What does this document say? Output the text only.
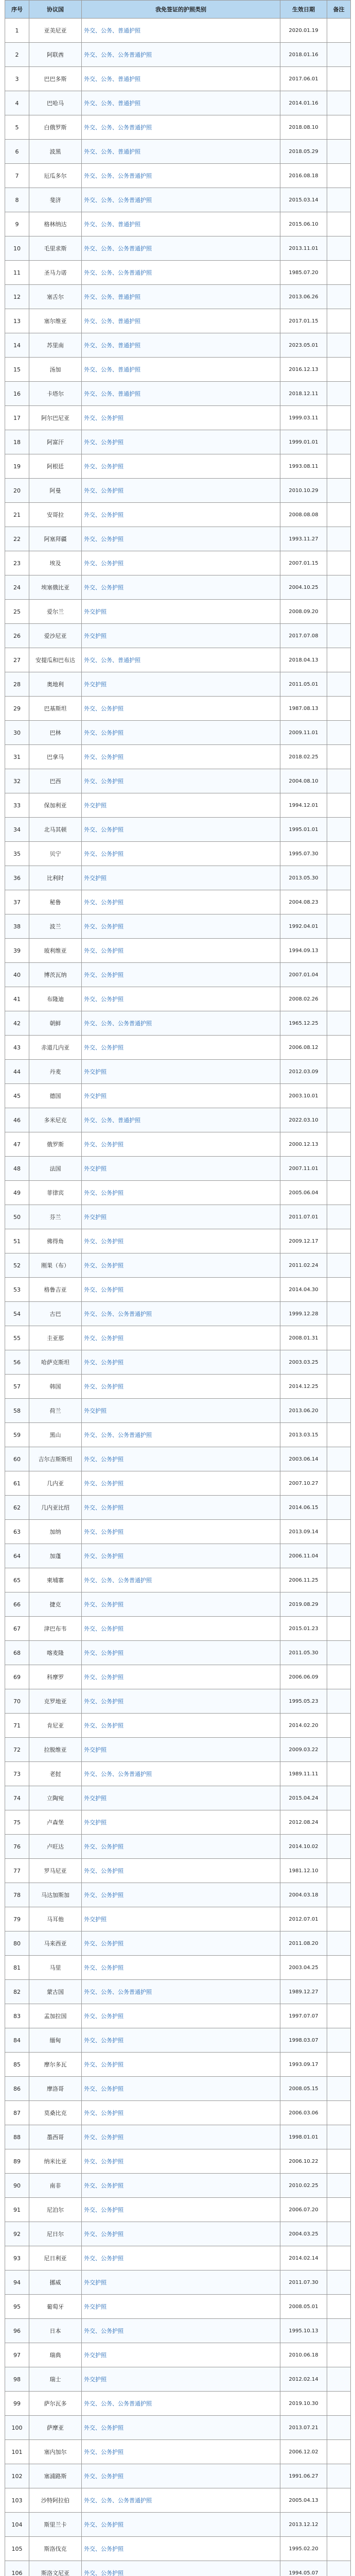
序号	协议国	我免签证的护照类别	生效日期	备注
1	亚美尼亚	外交、公务、普通护照	2020.01.19	
2	阿联酋	外交、公务、公务普通护照	2018.01.16	
3	巴巴多斯	外交、公务、普通护照	2017.06.01	
4	巴哈马	外交、公务、普通护照	2014.01.16	
5	白俄罗斯	外交、公务、公务普通护照	2018.08.10	
6	波黑	外交、公务、普通护照	2018.05.29	
7	厄瓜多尔	外交、公务、公务普通护照	2016.08.18	
8	斐济	外交、公务、公务普通护照	2015.03.14	
9	格林纳达	外交、公务、普通护照	2015.06.10	
10	毛里求斯	外交、公务、公务普通护照	2013.11.01	
11	圣马力诺	外交、公务、公务普通护照	1985.07.20	
12	塞舌尔	外交、公务、普通护照	2013.06.26	
13	塞尔维亚	外交、公务、普通护照	2017.01.15	
14	苏里南	外交、公务、普通护照	2023.05.01	
15	汤加	外交、公务、普通护照	2016.12.13	
16	卡塔尔	外交、公务、普通护照	2018.12.11	
17	阿尔巴尼亚	外交、公务护照	1999.03.11	
18	阿富汗	外交、公务护照	1999.01.01	
19	阿根廷	外交、公务护照	1993.08.11	
20	阿曼	外交、公务护照	2010.10.29	
21	安哥拉	外交、公务护照	2008.08.08	
22	阿塞拜疆	外交、公务护照	1993.11.27	
23	埃及	外交、公务护照	2007.01.15	
24	埃塞俄比亚	外交、公务护照	2004.10.25	
25	爱尔兰	外交护照	2008.09.20	
26	爱沙尼亚	外交护照	2017.07.08	
27	安提瓜和巴布达	外交、公务、普通护照	2018.04.13	
28	奥地利	外交护照	2011.05.01	
29	巴基斯坦	外交、公务护照	1987.08.13	
30	巴林	外交、公务护照	2009.11.01	
31	巴拿马	外交、公务护照	2018.02.25	
32	巴西	外交、公务护照	2004.08.10	
33	保加利亚	外交护照	1994.12.01	
34	北马其顿	外交、公务护照	1995.01.01	
35	贝宁	外交、公务护照	1995.07.30	
36	比利时	外交护照	2013.05.30	
37	秘鲁	外交、公务护照	2004.08.23	
38	波兰	外交、公务护照	1992.04.01	
39	玻利维亚	外交、公务护照	1994.09.13	
40	博茨瓦纳	外交、公务护照	2007.01.04	
41	布隆迪	外交、公务护照	2008.02.26	
42	朝鲜	外交、公务、公务普通护照	1965.12.25	
43	赤道几内亚	外交、公务护照	2006.08.12	
44	丹麦	外交护照	2012.03.09	
45	德国	外交护照	2003.10.01	
46	多米尼克	外交、公务、普通护照	2022.03.10	
47	俄罗斯	外交、公务护照	2000.12.13	
48	法国	外交护照	2007.11.01	
49	菲律宾	外交、公务护照	2005.06.04	
50	芬兰	外交护照	2011.07.01	
51	佛得角	外交、公务护照	2009.12.17	
52	刚果（布）	外交、公务护照	2011.02.24	
53	格鲁吉亚	外交、公务护照	2014.04.30	
54	古巴	外交、公务、公务普通护照	1999.12.28	
55	圭亚那	外交、公务护照	2008.01.31	
56	哈萨克斯坦	外交、公务护照	2003.03.25	
57	韩国	外交、公务护照	2014.12.25	
58	荷兰	外交护照	2013.06.20	
59	黑山	外交、公务、公务普通护照	2013.03.15	
60	吉尔吉斯斯坦	外交、公务护照	2003.06.14	
61	几内亚	外交、公务护照	2007.10.27	
62	几内亚比绍	外交、公务护照	2014.06.15	
63	加纳	外交、公务护照	2013.09.14	
64	加蓬	外交、公务护照	2006.11.04	
65	柬埔寨	外交、公务、公务普通护照	2006.11.25	
66	捷克	外交、公务护照	2019.08.29	
67	津巴布韦	外交、公务护照	2015.01.23	
68	喀麦隆	外交、公务护照	2011.05.30	
69	科摩罗	外交、公务护照	2006.06.09	
70	克罗地亚	外交、公务护照	1995.05.23	
71	肯尼亚	外交、公务护照	2014.02.20	
72	拉脱维亚	外交护照	2009.03.22	
73	老挝	外交、公务、公务普通护照	1989.11.11	
74	立陶宛	外交护照	2015.04.24	
75	卢森堡	外交护照	2012.08.24	
76	卢旺达	外交、公务护照	2014.10.02	
77	罗马尼亚	外交、公务护照	1981.12.10	
78	马达加斯加	外交、公务护照	2004.03.18	
79	马耳他	外交护照	2012.07.01	
80	马来西亚	外交、公务护照	2011.08.20	
81	马里	外交、公务护照	2003.04.25	
82	蒙古国	外交、公务、公务普通护照	1989.12.27	
83	孟加拉国	外交、公务护照	1997.07.07	
84	缅甸	外交、公务护照	1998.03.07	
85	摩尔多瓦	外交、公务护照	1993.09.17	
86	摩洛哥	外交、公务护照	2008.05.15	
87	莫桑比克	外交、公务护照	2006.03.06	
88	墨西哥	外交、公务护照	1998.01.01	
89	纳米比亚	外交、公务护照	2006.10.22	
90	南非	外交、公务护照	2010.02.25	
91	尼泊尔	外交、公务护照	2006.07.20	
92	尼日尔	外交、公务护照	2004.03.25	
93	尼日利亚	外交、公务护照	2014.02.14	
94	挪威	外交护照	2011.07.30	
95	葡萄牙	外交护照	2008.05.01	
96	日本	外交、公务护照	1995.10.13	
97	瑞典	外交护照	2010.06.18	
98	瑞士	外交护照	2012.02.14	
99	萨尔瓦多	外交、公务、公务普通护照	2019.10.30	
100	萨摩亚	外交、公务护照	2013.07.21	
101	塞内加尔	外交、公务护照	2006.12.02	
102	塞浦路斯	外交、公务护照	1991.06.27	
103	沙特阿拉伯	外交、公务、公务普通护照	2005.04.13	
104	斯里兰卡	外交、公务护照	2013.12.12	
105	斯洛伐克	外交、公务护照	1995.02.20	
106	斯洛文尼亚	外交、公务护照	1994.05.07	
